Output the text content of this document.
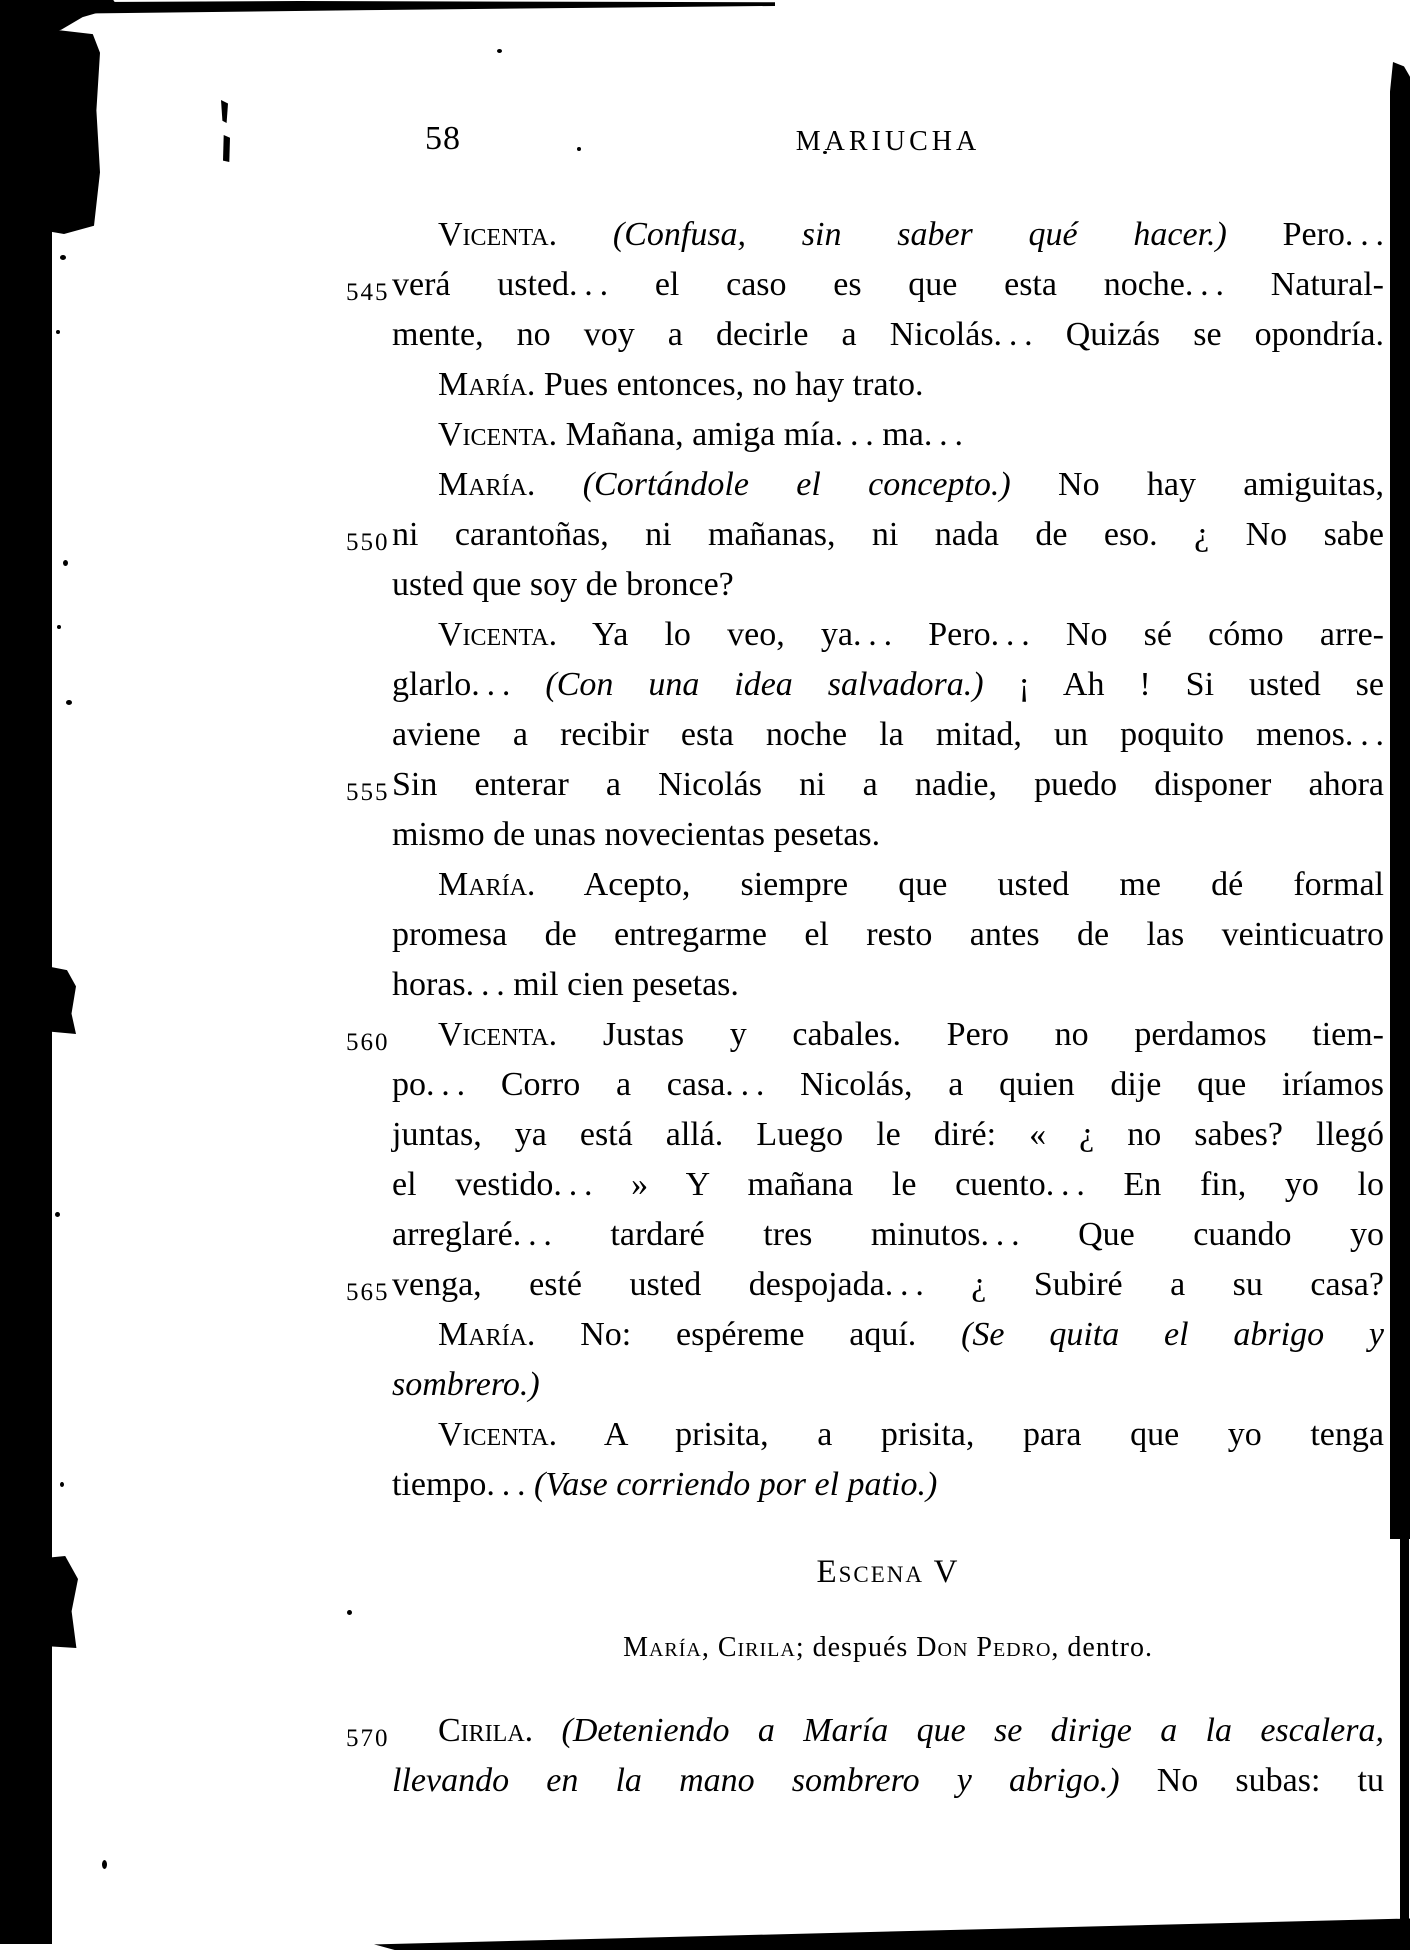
58	MARIUCHA
Vicenta. (Confusa, sin saber qué hacer.) Pero. . .
545 verá usted. . . el caso es que esta noche. . . Natural-
mente, no voy a decirle a Nicolás. . . Quizás se opondría.
María. Pues entonces, no hay trato.
Vicenta. Mañana, amiga mía. . . ma. . .
María. (Cortándole el concepto.) No hay amiguitas,
550 ni carantoñas, ni mañanas, ni nada de eso. ¿ No sabe
usted que soy de bronce?
Vicenta. Ya lo veo, ya. . . Pero. . . No sé cómo arre-
glarlo. . . (Con una idea salvadora.) ¡ Ah ! Si usted se
aviene a recibir esta noche la mitad, un poquito menos. . .
555 Sin enterar a Nicolás ni a nadie, puedo disponer ahora
mismo de unas novecientas pesetas.
María. Acepto, siempre que usted me dé formal
promesa de entregarme el resto antes de las veinticuatro
horas. . . mil cien pesetas.
560 Vicenta. Justas y cabales. Pero no perdamos tiem-
po. . . Corro a casa. . . Nicolás, a quien dije que iríamos
juntas, ya está allá. Luego le diré: « ¿ no sabes? llegó
el vestido. . . » Y mañana le cuento. . . En fin, yo lo
arreglaré. . . tardaré tres minutos. . . Que cuando yo
565 venga, esté usted despojada. . . ¿ Subiré a su casa?
María. No: espéreme aquí. (Se quita el abrigo y
sombrero.)
Vicenta. A prisita, a prisita, para que yo tenga
tiempo. . . (Vase corriendo por el patio.)
Escena V
María, Cirila; después Don Pedro, dentro.
570 Cirila. (Deteniendo a María que se dirige a la escalera,
llevando en la mano sombrero y abrigo.) No subas: tu
